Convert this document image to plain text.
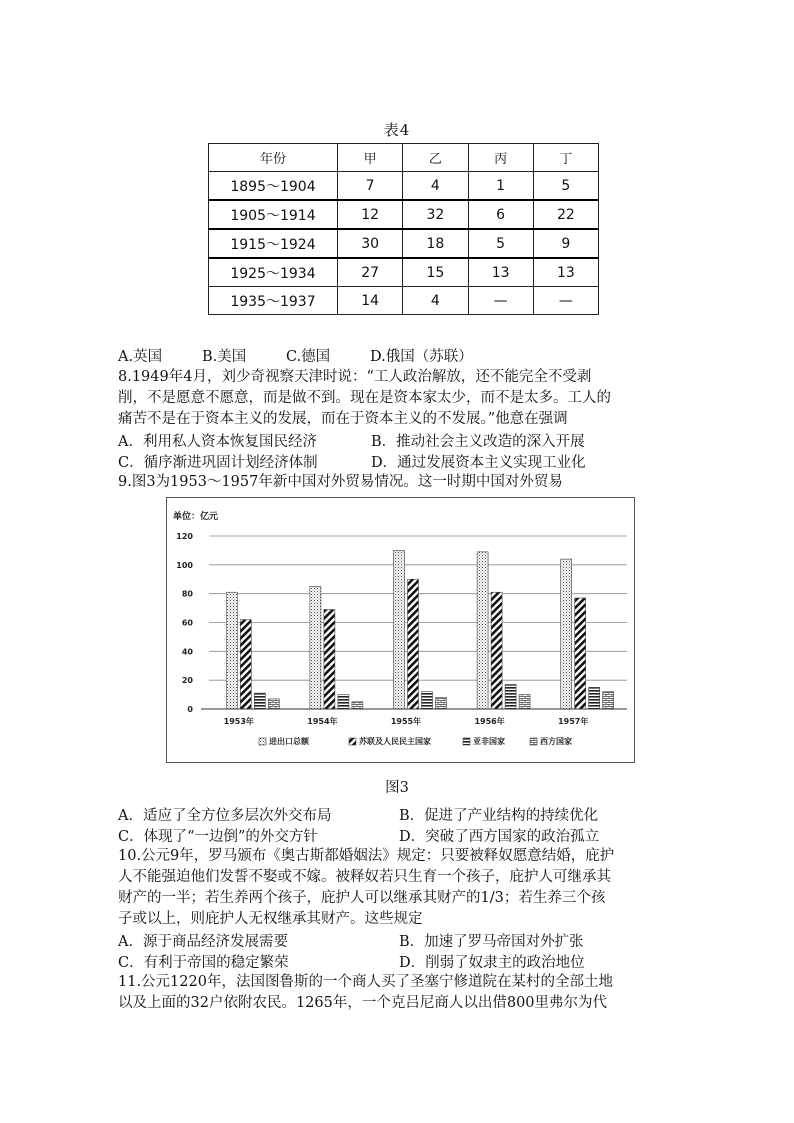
表4
年份	甲	乙	丙	丁
1895～1904	7	4	1	5
1905～1914	12	32	6	22
1915～1924	30	18	5	9
1925～1934	27	15	13	13
1935～1937	14	4	—	—
A.英国	B.美国	C.德国	D.俄国（苏联）
8.1949年4月，刘少奇视察天津时说：“工人政治解放，还不能完全不受剥
削，不是愿意不愿意，而是做不到。现在是资本家太少，而不是太多。工人的
痛苦不是在于资本主义的发展，而在于资本主义的不发展。”他意在强调
A．利用私人资本恢复国民经济	B．推动社会主义改造的深入开展
C．循序渐进巩固计划经济体制	D．通过发展资本主义实现工业化
9.图3为1953～1957年新中国对外贸易情况。这一时期中国对外贸易
单位：亿元
0
20
40
60
80
100
120
1953年	1954年	1955年	1956年	1957年
进出口总额	苏联及人民民主国家	亚非国家	西方国家
图3
A．适应了全方位多层次外交布局	B．促进了产业结构的持续优化
C．体现了“一边倒”的外交方针	D．突破了西方国家的政治孤立
10.公元9年，罗马颁布《奥古斯都婚姻法》规定：只要被释奴愿意结婚，庇护
人不能强迫他们发誓不娶或不嫁。被释奴若只生育一个孩子，庇护人可继承其
财产的一半；若生养两个孩子，庇护人可以继承其财产的1/3；若生养三个孩
子或以上，则庇护人无权继承其财产。这些规定
A．源于商品经济发展需要	B．加速了罗马帝国对外扩张
C．有利于帝国的稳定繁荣	D．削弱了奴隶主的政治地位
11.公元1220年，法国图鲁斯的一个商人买了圣塞宁修道院在某村的全部土地
以及上面的32户依附农民。1265年，一个克吕尼商人以出借800里弗尔为代
